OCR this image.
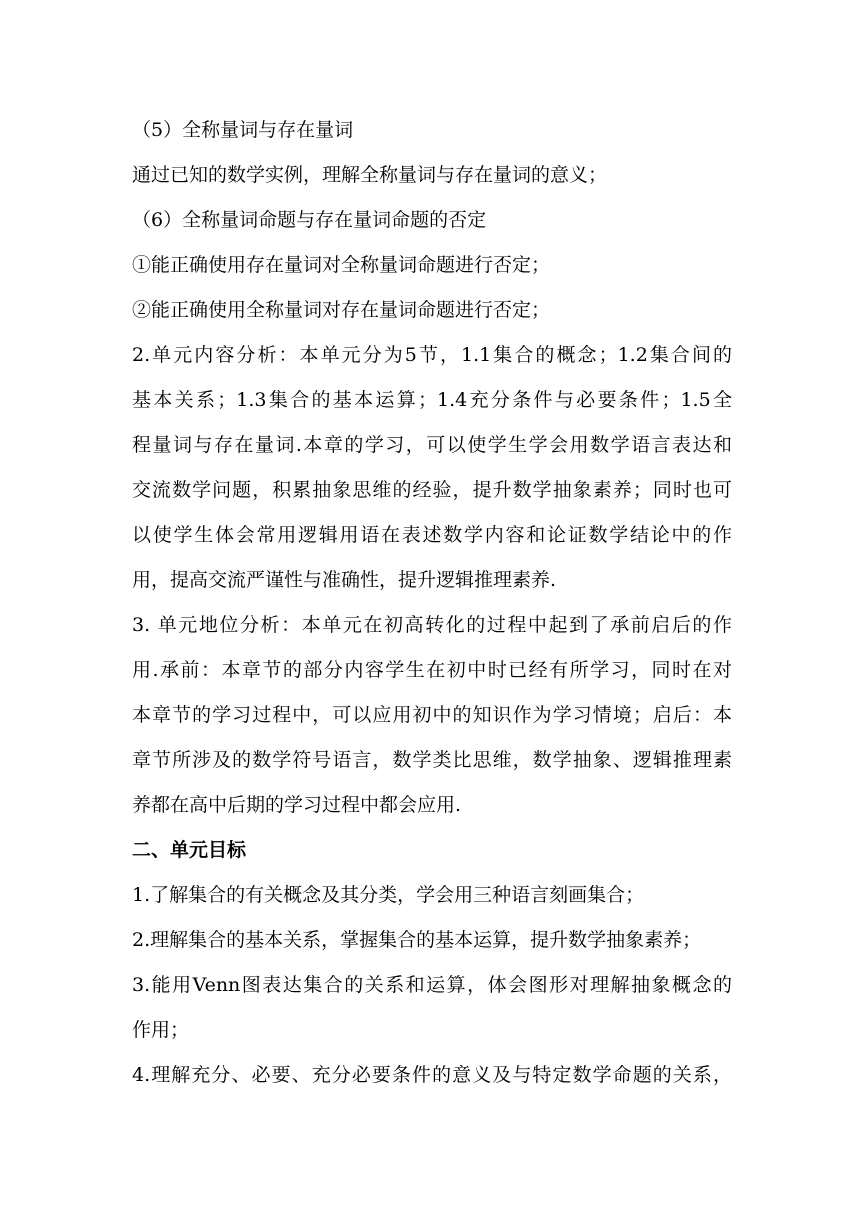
（5）全称量词与存在量词
通过已知的数学实例，理解全称量词与存在量词的意义；
（6）全称量词命题与存在量词命题的否定
①能正确使用存在量词对全称量词命题进行否定；
②能正确使用全称量词对存在量词命题进行否定；
2.单元内容分析：本单元分为5节，1.1集合的概念；1.2集合间的
基本关系；1.3集合的基本运算；1.4充分条件与必要条件；1.5全
程量词与存在量词.本章的学习，可以使学生学会用数学语言表达和
交流数学问题，积累抽象思维的经验，提升数学抽象素养；同时也可
以使学生体会常用逻辑用语在表述数学内容和论证数学结论中的作
用，提高交流严谨性与准确性，提升逻辑推理素养.
3. 单元地位分析：本单元在初高转化的过程中起到了承前启后的作
用.承前：本章节的部分内容学生在初中时已经有所学习，同时在对
本章节的学习过程中，可以应用初中的知识作为学习情境；启后：本
章节所涉及的数学符号语言，数学类比思维，数学抽象、逻辑推理素
养都在高中后期的学习过程中都会应用.
二、单元目标
1.了解集合的有关概念及其分类，学会用三种语言刻画集合；
2.理解集合的基本关系，掌握集合的基本运算，提升数学抽象素养；
3.能用Venn图表达集合的关系和运算，体会图形对理解抽象概念的
作用；
4.理解充分、必要、充分必要条件的意义及与特定数学命题的关系，
